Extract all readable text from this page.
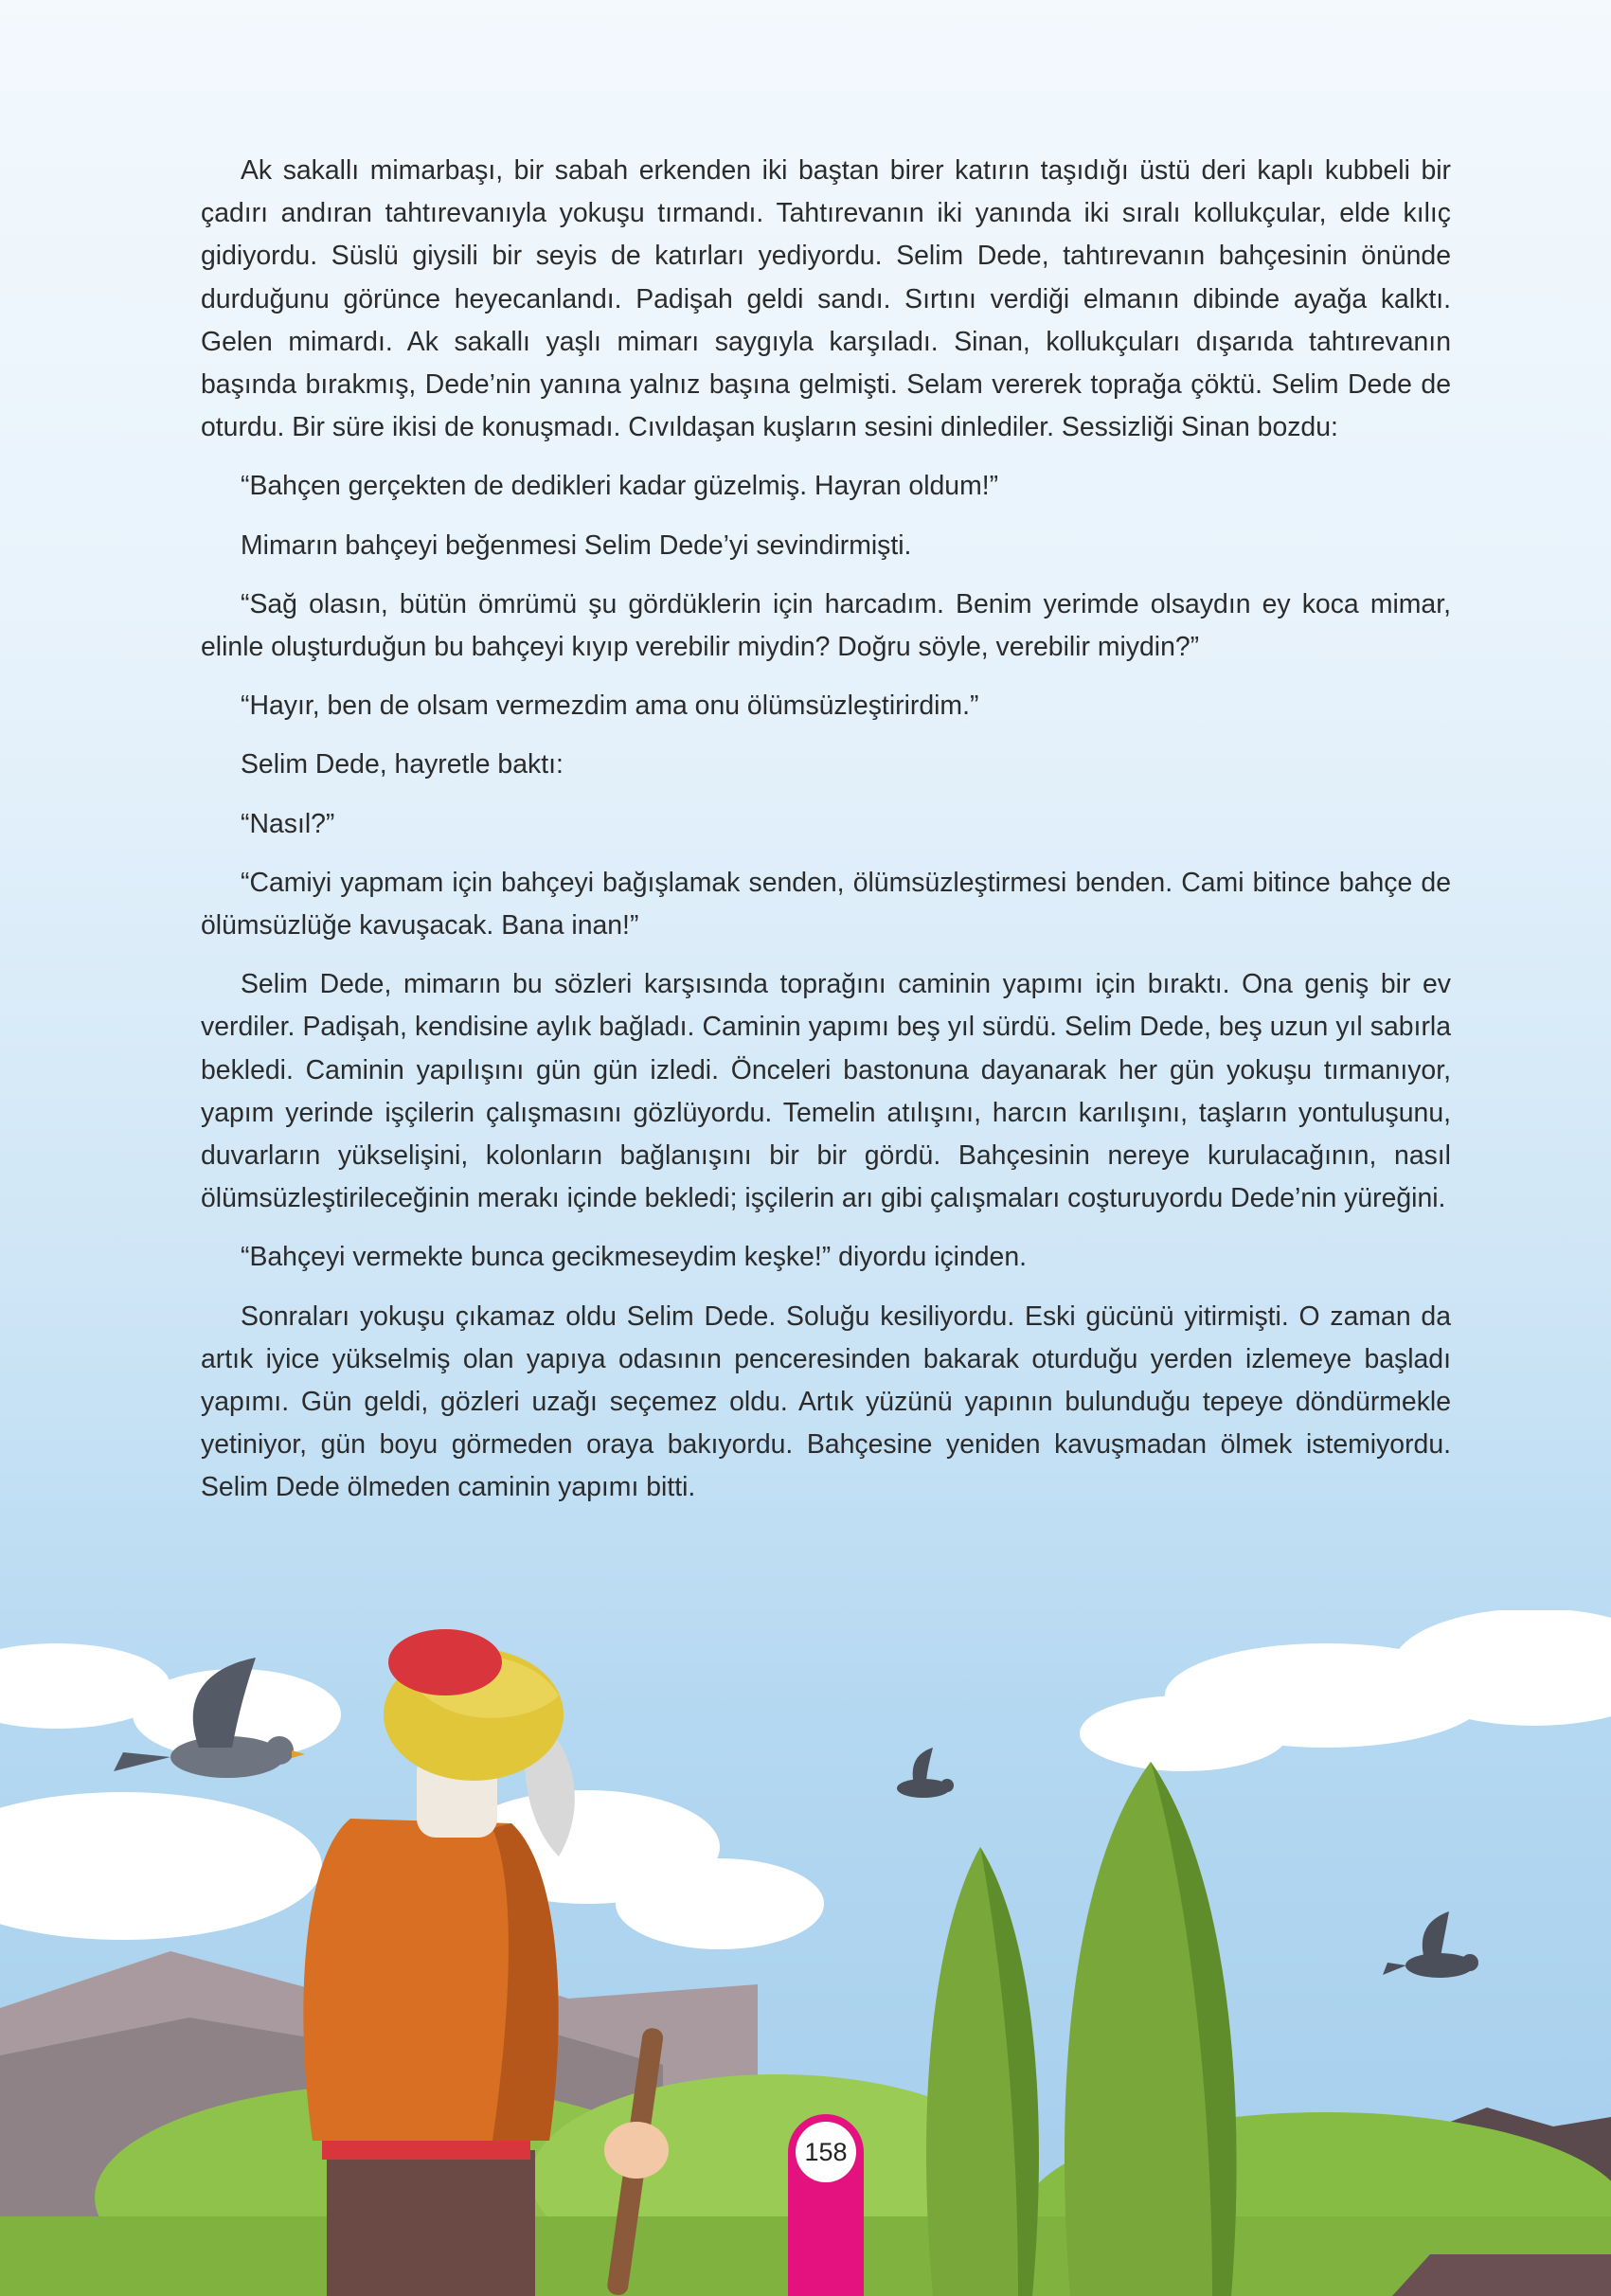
Ak sakallı mimarbaşı, bir sabah erkenden iki baştan birer katırın taşıdığı üstü deri kaplı kubbeli bir çadırı andıran tahtırevanıyla yokuşu tırmandı. Tahtırevanın iki yanında iki sıralı kollukçular, elde kılıç gidiyordu. Süslü giysili bir seyis de katırları yediyordu. Selim Dede, tahtırevanın bahçesinin önünde durduğunu görünce heyecanlandı. Padişah geldi sandı. Sırtını verdiği elmanın dibinde ayağa kalktı. Gelen mimardı. Ak sakallı yaşlı mimarı saygıyla karşıladı. Sinan, kollukçuları dışarıda tahtırevanın başında bırakmış, Dede’nin yanına yalnız başına gelmişti. Selam vererek toprağa çöktü. Selim Dede de oturdu. Bir süre ikisi de konuşmadı. Cıvıldaşan kuşların sesini dinlediler. Sessizliği Sinan bozdu:

“Bahçen gerçekten de dedikleri kadar güzelmiş. Hayran oldum!”

Mimarın bahçeyi beğenmesi Selim Dede’yi sevindirmişti.

“Sağ olasın, bütün ömrümü şu gördüklerin için harcadım. Benim yerimde olsaydın ey koca mimar, elinle oluşturduğun bu bahçeyi kıyıp verebilir miydin? Doğru söyle, verebilir miydin?”

“Hayır, ben de olsam vermezdim ama onu ölümsüzleştirirdim.”

Selim Dede, hayretle baktı:

“Nasıl?”

“Camiyi yapmam için bahçeyi bağışlamak senden, ölümsüzleştirmesi benden. Cami bitince bahçe de ölümsüzlüğe kavuşacak. Bana inan!”

Selim Dede, mimarın bu sözleri karşısında toprağını caminin yapımı için bıraktı. Ona geniş bir ev verdiler. Padişah, kendisine aylık bağladı. Caminin yapımı beş yıl sürdü. Selim Dede, beş uzun yıl sabırla bekledi. Caminin yapılışını gün gün izledi. Önceleri bastonuna dayanarak her gün yokuşu tırmanıyor, yapım yerinde işçilerin çalışmasını gözlüyordu. Temelin atılışını, harcın karılışını, taşların yontuluşunu, duvarların yükselişini, kolonların bağlanışını bir bir gördü. Bahçesinin nereye kurulacağının, nasıl ölümsüzleştirileceğinin merakı içinde bekledi; işçilerin arı gibi çalışmaları coşturuyordu Dede’nin yüreğini.

“Bahçeyi vermekte bunca gecikmeseydim keşke!” diyordu içinden.

Sonraları yokuşu çıkamaz oldu Selim Dede. Soluğu kesiliyordu. Eski gücünü yitirmişti. O zaman da artık iyice yükselmiş olan yapıya odasının penceresinden bakarak oturduğu yerden izlemeye başladı yapımı. Gün geldi, gözleri uzağı seçemez oldu. Artık yüzünü yapının bulunduğu tepeye döndürmekle yetiniyor, gün boyu görmeden oraya bakıyordu. Bahçesine yeniden kavuşmadan ölmek istemiyordu. Selim Dede ölmeden caminin yapımı bitti.

158
